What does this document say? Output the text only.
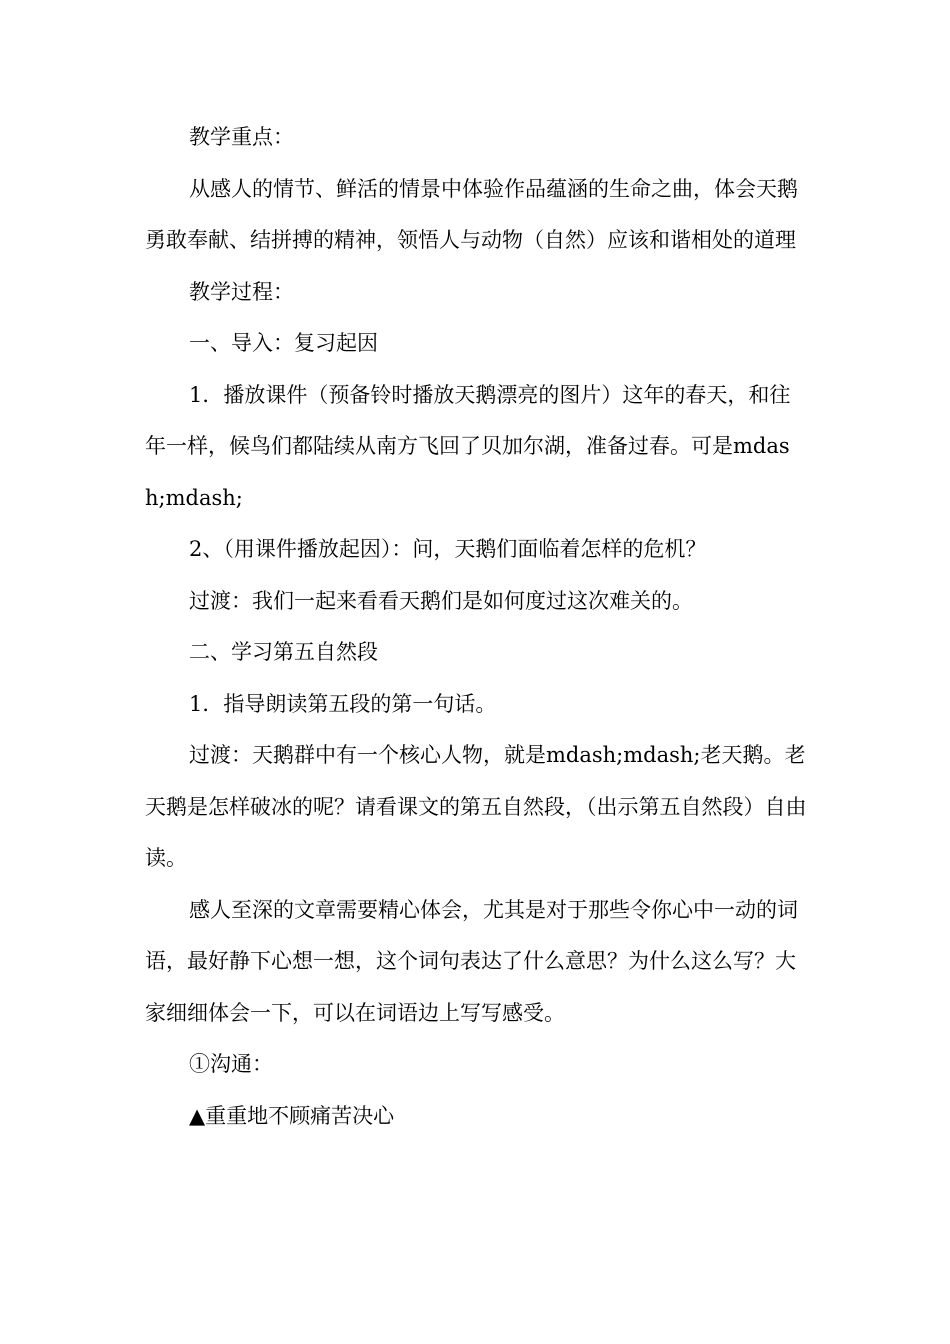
教学重点：

从感人的情节、鲜活的情景中体验作品蕴涵的生命之曲，体会天鹅勇敢奉献、结拼搏的精神，领悟人与动物（自然）应该和谐相处的道理

教学过程：

一、导入：复习起因

1．播放课件（预备铃时播放天鹅漂亮的图片）这年的春天，和往年一样，候鸟们都陆续从南方飞回了贝加尔湖，准备过春。可是mdash;mdash;

2、（用课件播放起因）：问，天鹅们面临着怎样的危机？

过渡：我们一起来看看天鹅们是如何度过这次难关的。

二、学习第五自然段

1．指导朗读第五段的第一句话。

过渡：天鹅群中有一个核心人物，就是mdash;mdash;老天鹅。老天鹅是怎样破冰的呢？请看课文的第五自然段，（出示第五自然段）自由读。

感人至深的文章需要精心体会，尤其是对于那些令你心中一动的词语，最好静下心想一想，这个词句表达了什么意思？为什么这么写？大家细细体会一下，可以在词语边上写写感受。

①沟通：

▲重重地不顾痛苦决心
